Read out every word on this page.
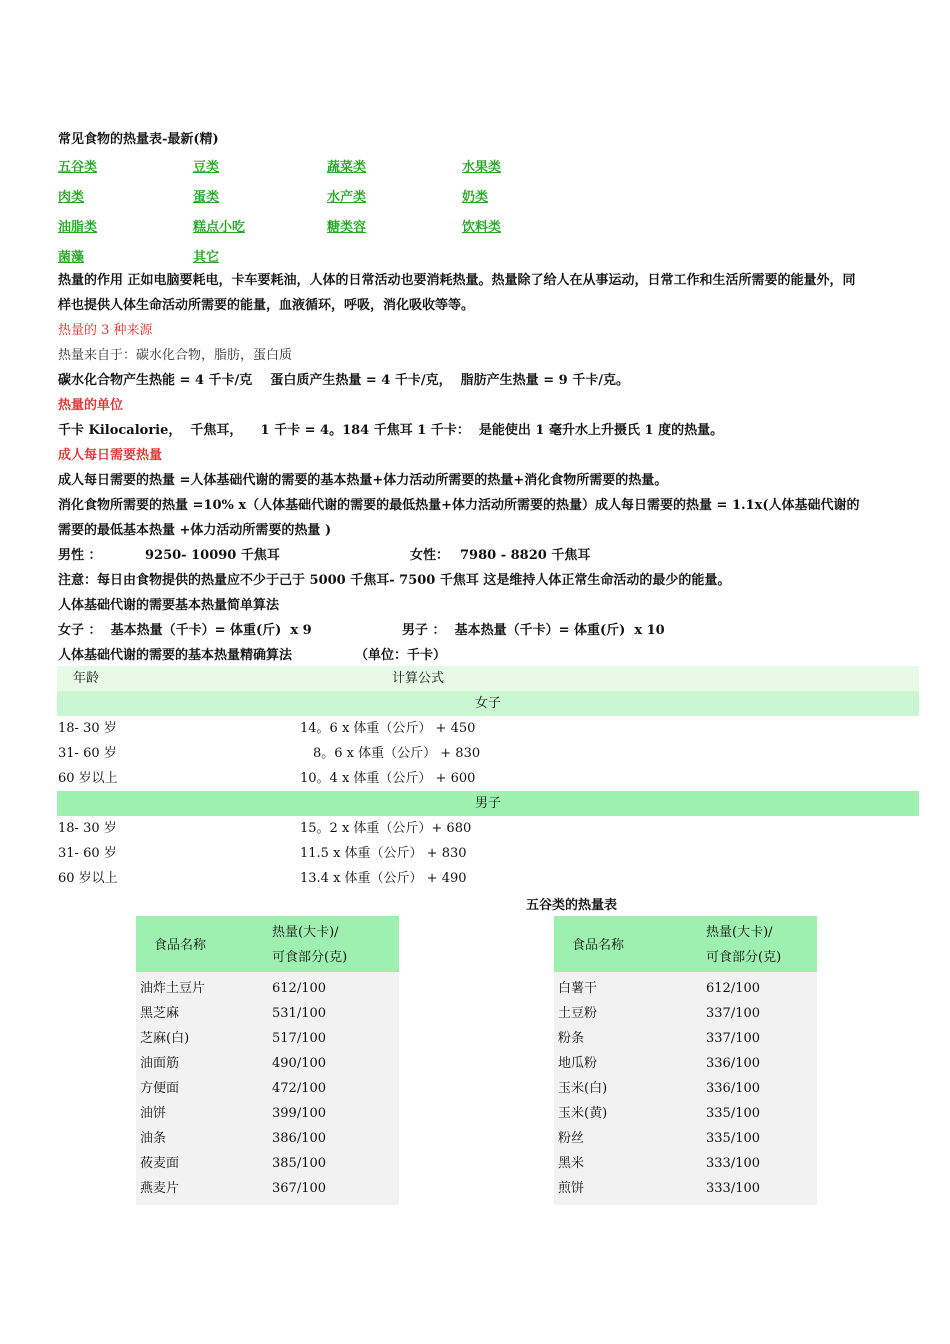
常见食物的热量表-最新(精)
五谷类	豆类	蔬菜类	水果类
肉类	蛋类	水产类	奶类
油脂类	糕点小吃	糖类容	饮料类
菌藻	其它
热量的作用 正如电脑要耗电，卡车要耗油，人体的日常活动也要消耗热量。热量除了给人在从事运动，日常工作和生活所需要的能量外，同
样也提供人体生命活动所需要的能量，血液循环，呼吸，消化吸收等等。
热量的 3 种来源
热量来自于：碳水化合物，脂肪，蛋白质
碳水化合物产生热能 = 4 千卡/克    蛋白质产生热量 = 4 千卡/克，  脂肪产生热量 = 9 千卡/克。
热量的单位
千卡 Kilocalorie，  千焦耳，    1 千卡 = 4。184 千焦耳 1 千卡：  是能使出 1 毫升水上升摄氏 1 度的热量。
成人每日需要热量
成人每日需要的热量 =人体基础代谢的需要的基本热量+体力活动所需要的热量+消化食物所需要的热量。
消化食物所需要的热量 =10% x（人体基础代谢的需要的最低热量+体力活动所需要的热量）成人每日需要的热量 = 1.1x(人体基础代谢的
需要的最低基本热量 +体力活动所需要的热量 )
男性 ：	9250- 10090 千焦耳	女性： 7980 - 8820 千焦耳
注意：每日由食物提供的热量应不少于己于 5000 千焦耳- 7500 千焦耳 这是维持人体正常生命活动的最少的能量。
人体基础代谢的需要基本热量简单算法
女子 ：  基本热量（千卡）= 体重(斤)  x 9	男子 ：  基本热量（千卡）= 体重(斤)  x 10
人体基础代谢的需要的基本热量精确算法	（单位：千卡）
年龄	计算公式
女子
18- 30 岁	14。6 x 体重（公斤） + 450
31- 60 岁	8。6 x 体重（公斤） + 830
60 岁以上	10。4 x 体重（公斤） + 600
男子
18- 30 岁	15。2 x 体重（公斤）+ 680
31- 60 岁	11.5 x 体重（公斤） + 830
60 岁以上	13.4 x 体重（公斤） + 490
五谷类的热量表
食品名称
热量(大卡)/
可食部分(克)
油炸土豆片	612/100
黑芝麻	531/100
芝麻(白)	517/100
油面筋	490/100
方便面	472/100
油饼	399/100
油条	386/100
莜麦面	385/100
燕麦片	367/100
食品名称
热量(大卡)/
可食部分(克)
白薯干	612/100
土豆粉	337/100
粉条	337/100
地瓜粉	336/100
玉米(白)	336/100
玉米(黄)	335/100
粉丝	335/100
黑米	333/100
煎饼	333/100
